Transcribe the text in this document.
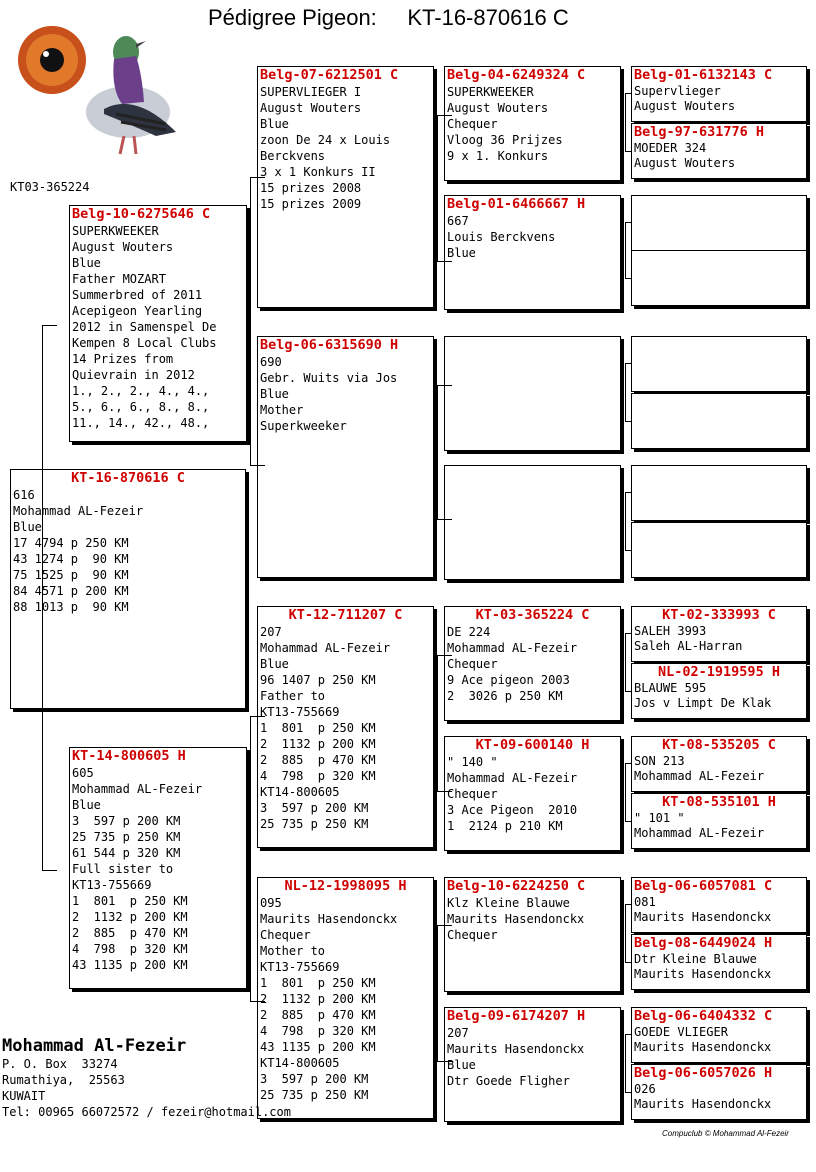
Pédigree Pigeon:     KT-16-870616 C
KT03-365224
KT-16-870616 C
616
Mohammad AL-Fezeir
Blue
17 4794 p 250 KM
43 1274 p  90 KM
75 1525 p  90 KM
84 4571 p 200 KM
88 1013 p  90 KM
Belg-10-6275646 C
SUPERKWEEKER
August Wouters
Blue
Father MOZART
Summerbred of 2011
Acepigeon Yearling
2012 in Samenspel De
Kempen 8 Local Clubs
14 Prizes from
Quievrain in 2012
1., 2., 2., 4., 4.,
5., 6., 6., 8., 8.,
11., 14., 42., 48.,
KT-14-800605 H
605
Mohammad AL-Fezeir
Blue
3  597 p 200 KM
25 735 p 250 KM
61 544 p 320 KM
Full sister to
KT13-755669
1  801  p 250 KM
2  1132 p 200 KM
2  885  p 470 KM
4  798  p 320 KM
43 1135 p 200 KM
Belg-07-6212501 C
SUPERVLIEGER I
August Wouters
Blue
zoon De 24 x Louis
Berckvens
3 x 1 Konkurs II
15 prizes 2008
15 prizes 2009
Belg-06-6315690 H
690
Gebr. Wuits via Jos
Blue
Mother
Superkweeker
KT-12-711207 C
207
Mohammad AL-Fezeir
Blue
96 1407 p 250 KM
Father to
KT13-755669
1  801  p 250 KM
2  1132 p 200 KM
2  885  p 470 KM
4  798  p 320 KM
KT14-800605
3  597 p 200 KM
25 735 p 250 KM
NL-12-1998095 H
095
Maurits Hasendonckx
Chequer
Mother to
KT13-755669
1  801  p 250 KM
2  1132 p 200 KM
2  885  p 470 KM
4  798  p 320 KM
43 1135 p 200 KM
KT14-800605
3  597 p 200 KM
25 735 p 250 KM
Belg-04-6249324 C
SUPERKWEEKER
August Wouters
Chequer
Vloog 36 Prijzes
9 x 1. Konkurs
Belg-01-6466667 H
667
Louis Berckvens
Blue
KT-03-365224 C
DE 224
Mohammad AL-Fezeir
Chequer
9 Ace pigeon 2003
2  3026 p 250 KM
KT-09-600140 H
" 140 "
Mohammad AL-Fezeir
Chequer
3 Ace Pigeon  2010
1  2124 p 210 KM
Belg-10-6224250 C
Klz Kleine Blauwe
Maurits Hasendonckx
Chequer
Belg-09-6174207 H
207
Maurits Hasendonckx
Blue
Dtr Goede Fligher
Belg-01-6132143 C
Supervlieger
August Wouters
Belg-97-631776 H
MOEDER 324
August Wouters
KT-02-333993 C
SALEH 3993
Saleh AL-Harran
NL-02-1919595 H
BLAUWE 595
Jos v Limpt De Klak
KT-08-535205 C
SON 213
Mohammad AL-Fezeir
KT-08-535101 H
" 101 "
Mohammad AL-Fezeir
Belg-06-6057081 C
081
Maurits Hasendonckx
Belg-08-6449024 H
Dtr Kleine Blauwe
Maurits Hasendonckx
Belg-06-6404332 C
GOEDE VLIEGER
Maurits Hasendonckx
Belg-06-6057026 H
026
Maurits Hasendonckx
Mohammad Al-Fezeir
P. O. Box  33274
Rumathiya,  25563
KUWAIT
Tel: 00965 66072572 / fezeir@hotmail.com
Compuclub © Mohammad Al-Fezeir
